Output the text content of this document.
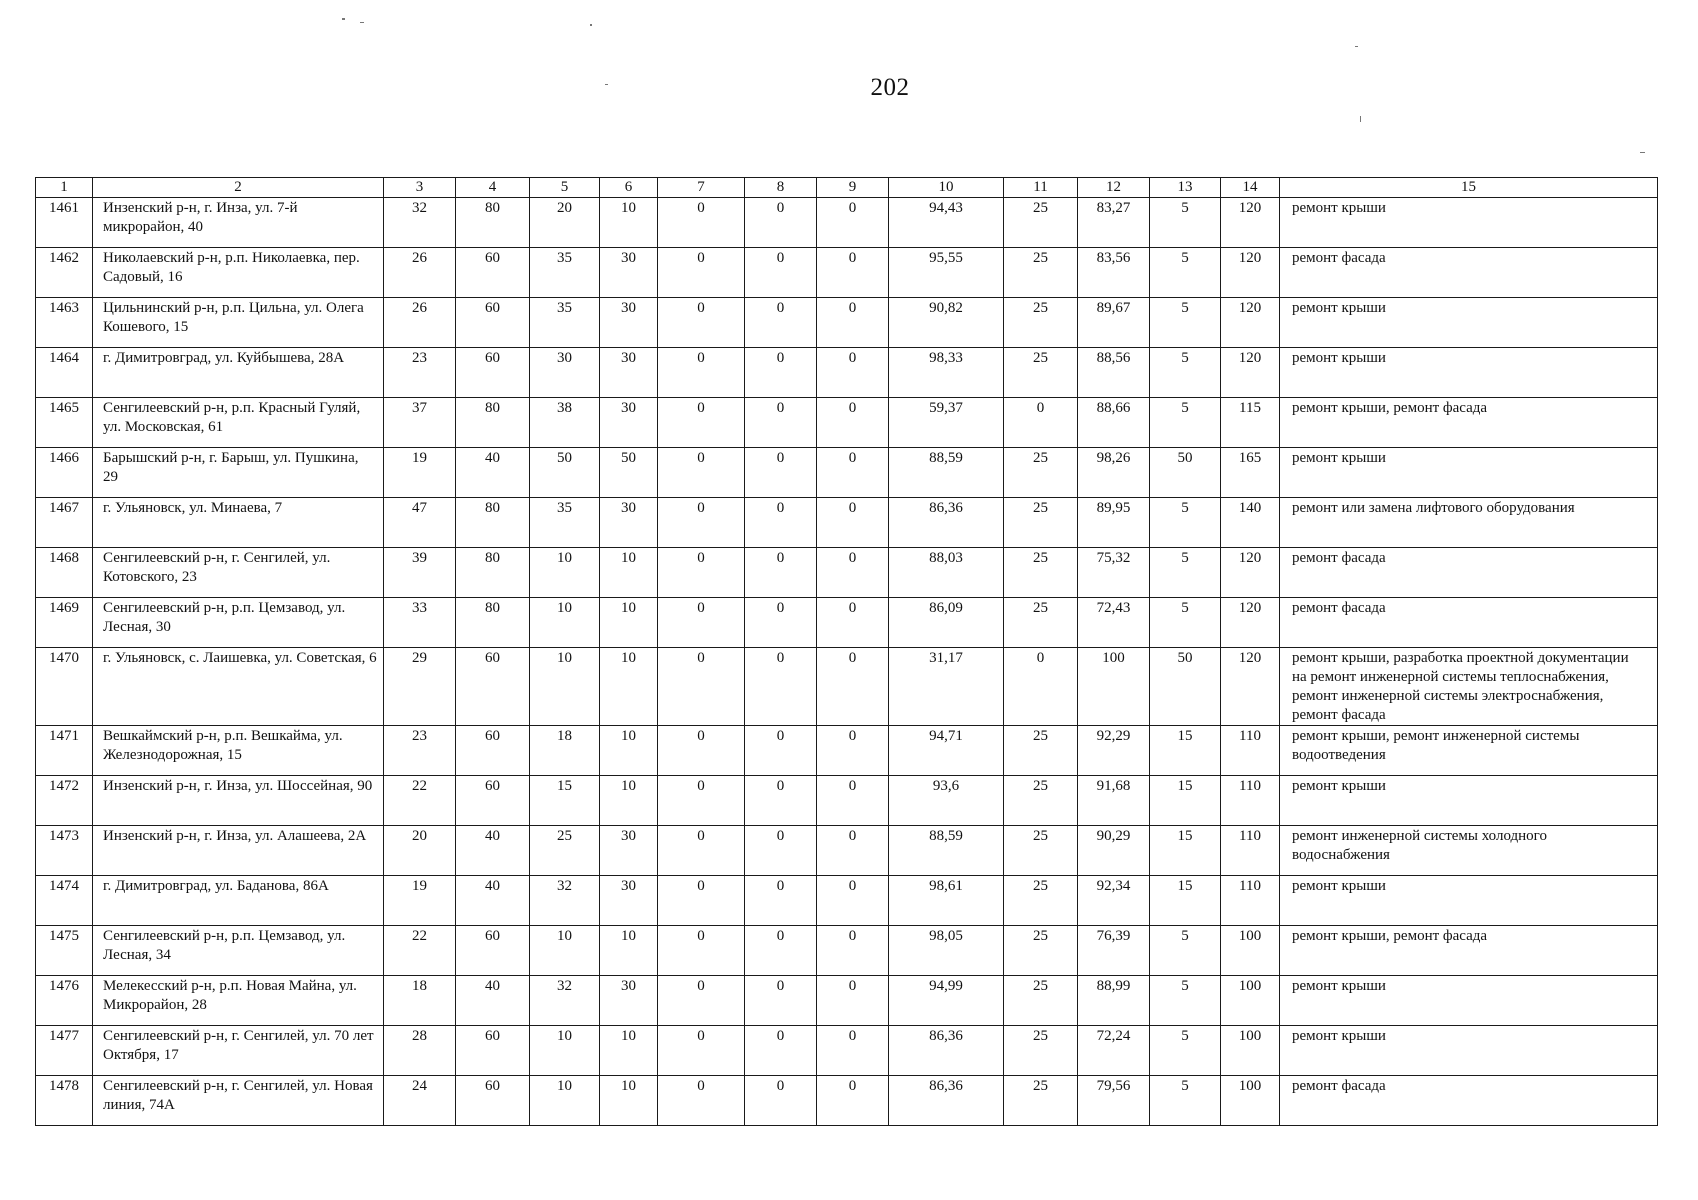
202
1	2	3	4	5	6	7	8	9	10	11	12	13	14	15
1461	Инзенский р-н, г. Инза, ул. 7-й микрорайон, 40	32	80	20	10	0	0	0	94,43	25	83,27	5	120	ремонт крыши
1462	Николаевский р-н, р.п. Николаевка, пер. Садовый, 16	26	60	35	30	0	0	0	95,55	25	83,56	5	120	ремонт фасада
1463	Цильнинский р-н, р.п. Цильна, ул. Олега Кошевого, 15	26	60	35	30	0	0	0	90,82	25	89,67	5	120	ремонт крыши
1464	г. Димитровград, ул. Куйбышева, 28А	23	60	30	30	0	0	0	98,33	25	88,56	5	120	ремонт крыши
1465	Сенгилеевский р-н, р.п. Красный Гуляй, ул. Московская, 61	37	80	38	30	0	0	0	59,37	0	88,66	5	115	ремонт крыши, ремонт фасада
1466	Барышский р-н, г. Барыш, ул. Пушкина, 29	19	40	50	50	0	0	0	88,59	25	98,26	50	165	ремонт крыши
1467	г. Ульяновск, ул. Минаева, 7	47	80	35	30	0	0	0	86,36	25	89,95	5	140	ремонт или замена лифтового оборудования
1468	Сенгилеевский р-н, г. Сенгилей, ул. Котовского, 23	39	80	10	10	0	0	0	88,03	25	75,32	5	120	ремонт фасада
1469	Сенгилеевский р-н, р.п. Цемзавод, ул. Лесная, 30	33	80	10	10	0	0	0	86,09	25	72,43	5	120	ремонт фасада
1470	г. Ульяновск, с. Лаишевка, ул. Советская, 6	29	60	10	10	0	0	0	31,17	0	100	50	120	ремонт крыши, разработка проектной документации на ремонт инженерной системы теплоснабжения, ремонт инженерной системы электроснабжения, ремонт фасада
1471	Вешкаймский р-н, р.п. Вешкайма, ул. Железнодорожная, 15	23	60	18	10	0	0	0	94,71	25	92,29	15	110	ремонт крыши, ремонт инженерной системы водоотведения
1472	Инзенский р-н, г. Инза, ул. Шоссейная, 90	22	60	15	10	0	0	0	93,6	25	91,68	15	110	ремонт крыши
1473	Инзенский р-н, г. Инза, ул. Алашеева, 2А	20	40	25	30	0	0	0	88,59	25	90,29	15	110	ремонт инженерной системы холодного водоснабжения
1474	г. Димитровград, ул. Баданова, 86А	19	40	32	30	0	0	0	98,61	25	92,34	15	110	ремонт крыши
1475	Сенгилеевский р-н, р.п. Цемзавод, ул. Лесная, 34	22	60	10	10	0	0	0	98,05	25	76,39	5	100	ремонт крыши, ремонт фасада
1476	Мелекесский р-н, р.п. Новая Майна, ул. Микрорайон, 28	18	40	32	30	0	0	0	94,99	25	88,99	5	100	ремонт крыши
1477	Сенгилеевский р-н, г. Сенгилей, ул. 70 лет Октября, 17	28	60	10	10	0	0	0	86,36	25	72,24	5	100	ремонт крыши
1478	Сенгилеевский р-н, г. Сенгилей, ул. Новая линия, 74А	24	60	10	10	0	0	0	86,36	25	79,56	5	100	ремонт фасада
